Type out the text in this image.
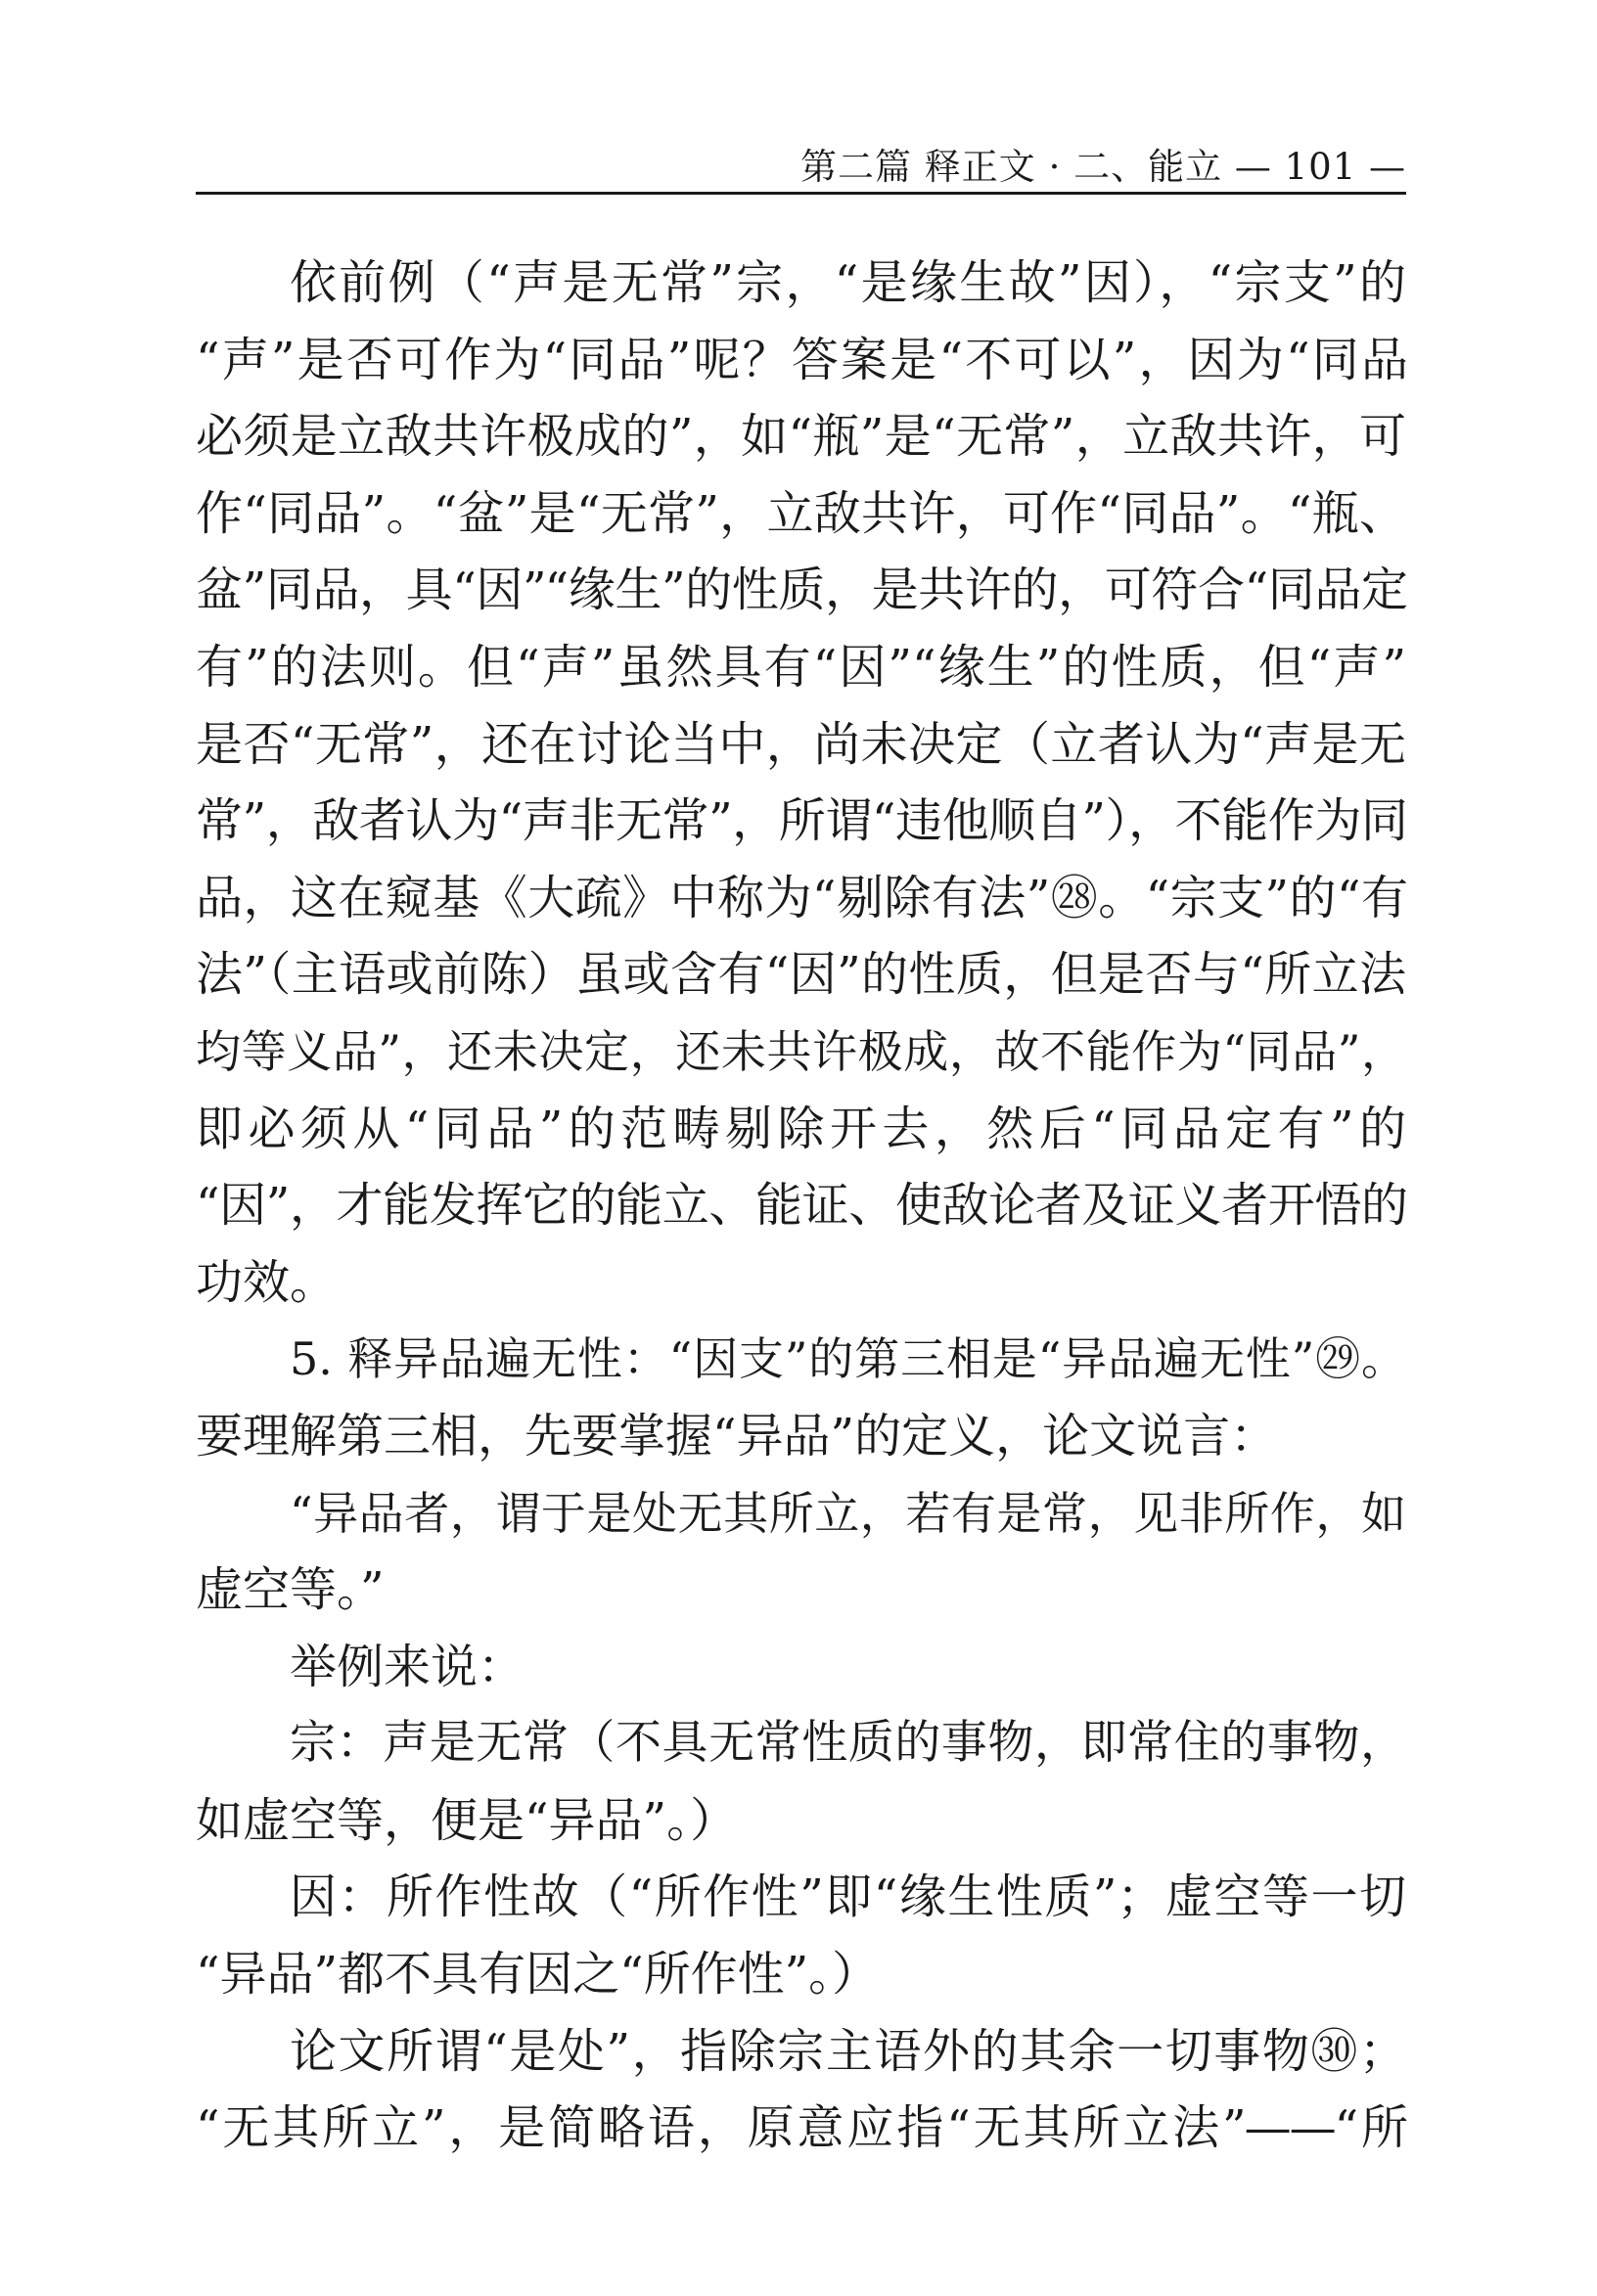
第二篇 释正文 · 二、能立 — 101 —
依前例（“声是无常”宗，“是缘生故”因），“宗支”的
“声”是否可作为“同品”呢？答案是“不可以”，因为“同品
必须是立敌共许极成的”，如“瓶”是“无常”，立敌共许，可
作“同品”。“盆”是“无常”，立敌共许，可作“同品”。“瓶、
盆”同品，具“因”“缘生”的性质，是共许的，可符合“同品定
有”的法则。但“声”虽然具有“因”“缘生”的性质，但“声”
是否“无常”，还在讨论当中，尚未决定（立者认为“声是无
常”，敌者认为“声非无常”，所谓“违他顺自”），不能作为同
品，这在窥基《大疏》中称为“剔除有法”㉘。“宗支”的“有
法”（主语或前陈）虽或含有“因”的性质，但是否与“所立法
均等义品”，还未决定，还未共许极成，故不能作为“同品”，
即必须从“同品”的范畴剔除开去，然后“同品定有”的
“因”，才能发挥它的能立、能证、使敌论者及证义者开悟的
功效。
5. 释异品遍无性：“因支”的第三相是“异品遍无性”㉙。
要理解第三相，先要掌握“异品”的定义，论文说言：
“异品者，谓于是处无其所立，若有是常，见非所作，如
虚空等。”
举例来说：
宗：声是无常（不具无常性质的事物，即常住的事物，
如虚空等，便是“异品”。）
因：所作性故（“所作性”即“缘生性质”；虚空等一切
“异品”都不具有因之“所作性”。）
论文所谓“是处”，指除宗主语外的其余一切事物㉚；
“无其所立”，是简略语，原意应指“无其所立法”——“所
